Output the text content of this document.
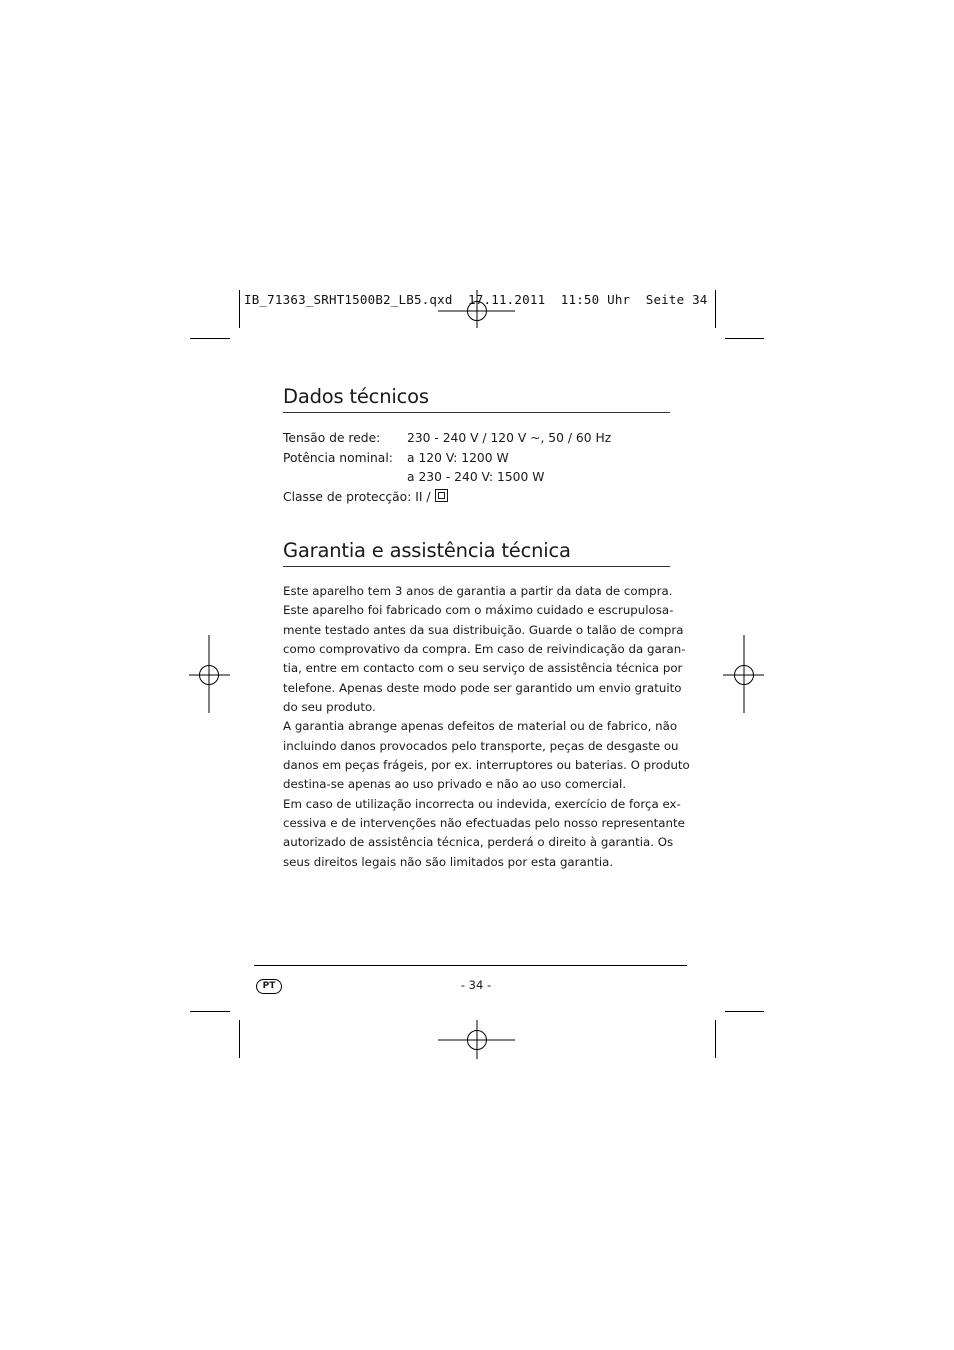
IB_71363_SRHT1500B2_LB5.qxd  17.11.2011  11:50 Uhr  Seite 34
Dados técnicos
Tensão de rede: 230 - 240 V / 120 V ~, 50 / 60 Hz
Potência nominal: a 120 V: 1200 W
a 230 - 240 V: 1500 W
Classe de protecção: II /
Garantia e assistência técnica
Este aparelho tem 3 anos de garantia a partir da data de compra.
Este aparelho foi fabricado com o máximo cuidado e escrupulosa-
mente testado antes da sua distribuição. Guarde o talão de compra
como comprovativo da compra. Em caso de reivindicação da garan-
tia, entre em contacto com o seu serviço de assistência técnica por
telefone. Apenas deste modo pode ser garantido um envio gratuito
do seu produto.
A garantia abrange apenas defeitos de material ou de fabrico, não
incluindo danos provocados pelo transporte, peças de desgaste ou
danos em peças frágeis, por ex. interruptores ou baterias. O produto
destina-se apenas ao uso privado e não ao uso comercial.
Em caso de utilização incorrecta ou indevida, exercício de força ex-
cessiva e de intervenções não efectuadas pelo nosso representante
autorizado de assistência técnica, perderá o direito à garantia. Os
seus direitos legais não são limitados por esta garantia.
PT	- 34 -
